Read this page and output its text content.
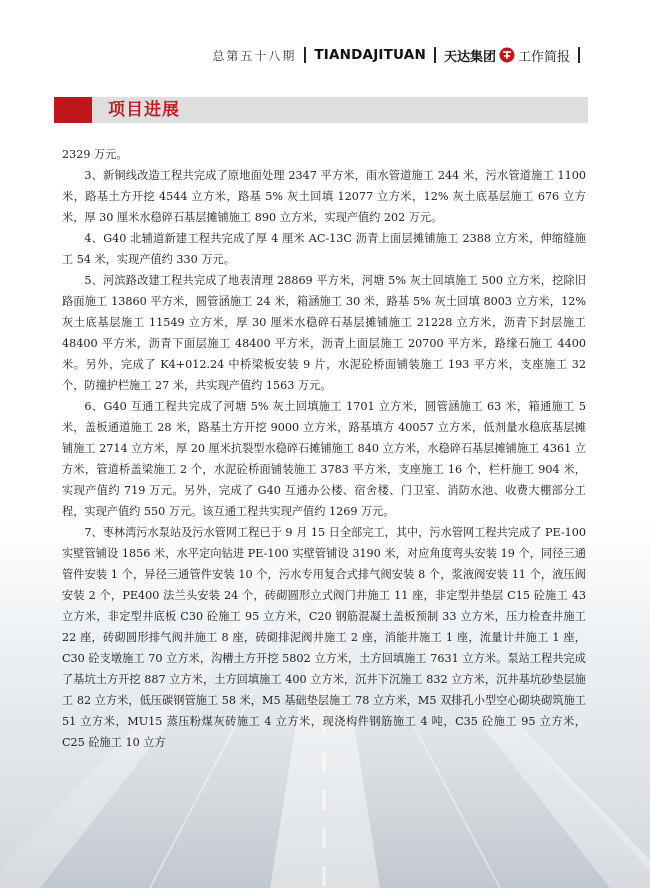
总第五十八期 TIANDAJITUAN 天达集团 工作简报
项目进展

2329 万元。

3、新铜线改造工程共完成了原地面处理 2347 平方米，雨水管道施工 244 米，污水管道施工 1100 米，路基土方开挖 4544 立方米，路基 5% 灰土回填 12077 立方米，12% 灰土底基层施工 676 立方米，厚 30 厘米水稳碎石基层摊铺施工 890 立方米，实现产值约 202 万元。

4、G40 北辅道新建工程共完成了厚 4 厘米 AC-13C 沥青上面层摊铺施工 2388 立方米，伸缩缝施工 54 米，实现产值约 330 万元。

5、河滨路改建工程共完成了地表清理 28869 平方米，河塘 5% 灰土回填施工 500 立方米，挖除旧路面施工 13860 平方米，圆管涵施工 24 米，箱涵施工 30 米，路基 5% 灰土回填 8003 立方米，12% 灰土底基层施工 11549 立方米，厚 30 厘米水稳碎石基层摊铺施工 21228 立方米，沥青下封层施工 48400 平方米，沥青下面层施工 48400 平方米，沥青上面层施工 20700 平方米，路缘石施工 4400 米。另外，完成了 K4+012.24 中桥梁板安装 9 片，水泥砼桥面铺装施工 193 平方米，支座施工 32 个，防撞护栏施工 27 米，共实现产值约 1563 万元。

6、G40 互通工程共完成了河塘 5% 灰土回填施工 1701 立方米，圆管涵施工 63 米，箱通施工 5 米，盖板通道施工 28 米，路基土方开挖 9000 立方米，路基填方 40057 立方米，低剂量水稳底基层摊铺施工 2714 立方米，厚 20 厘米抗裂型水稳碎石摊铺施工 840 立方米，水稳碎石基层摊铺施工 4361 立方米，管道桥盖梁施工 2 个，水泥砼桥面铺装施工 3783 平方米，支座施工 16 个，栏杆施工 904 米，实现产值约 719 万元。另外，完成了 G40 互通办公楼、宿舍楼、门卫室、消防水池、收费大棚部分工程，实现产值约 550 万元。该互通工程共实现产值约 1269 万元。

7、枣林湾污水泵站及污水管网工程已于 9 月 15 日全部完工，其中，污水管网工程共完成了 PE-100 实壁管铺设 1856 米，水平定向钻进 PE-100 实壁管铺设 3190 米，对应角度弯头安装 19 个，同径三通管件安装 1 个，异径三通管件安装 10 个，污水专用复合式排气阀安装 8 个，浆液阀安装 11 个，液压阀安装 2 个，PE400 法兰头安装 24 个，砖砌圆形立式阀门井施工 11 座，非定型井垫层 C15 砼施工 43 立方米，非定型井底板 C30 砼施工 95 立方米，C20 钢筋混凝土盖板预制 33 立方米，压力检查井施工 22 座，砖砌圆形排气阀井施工 8 座，砖砌排泥阀井施工 2 座，消能井施工 1 座，流量计井施工 1 座，C30 砼支墩施工 70 立方米，沟槽土方开挖 5802 立方米，土方回填施工 7631 立方米。泵站工程共完成了基坑土方开挖 887 立方米，土方回填施工 400 立方米，沉井下沉施工 832 立方米，沉井基坑砂垫层施工 82 立方米，低压碳钢管施工 58 米，M5 基础垫层施工 78 立方米，M5 双排孔小型空心砌块砌筑施工 51 立方米，MU15 蒸压粉煤灰砖施工 4 立方米，现浇构件钢筋施工 4 吨，C35 砼施工 95 立方米，C25 砼施工 10 立方
